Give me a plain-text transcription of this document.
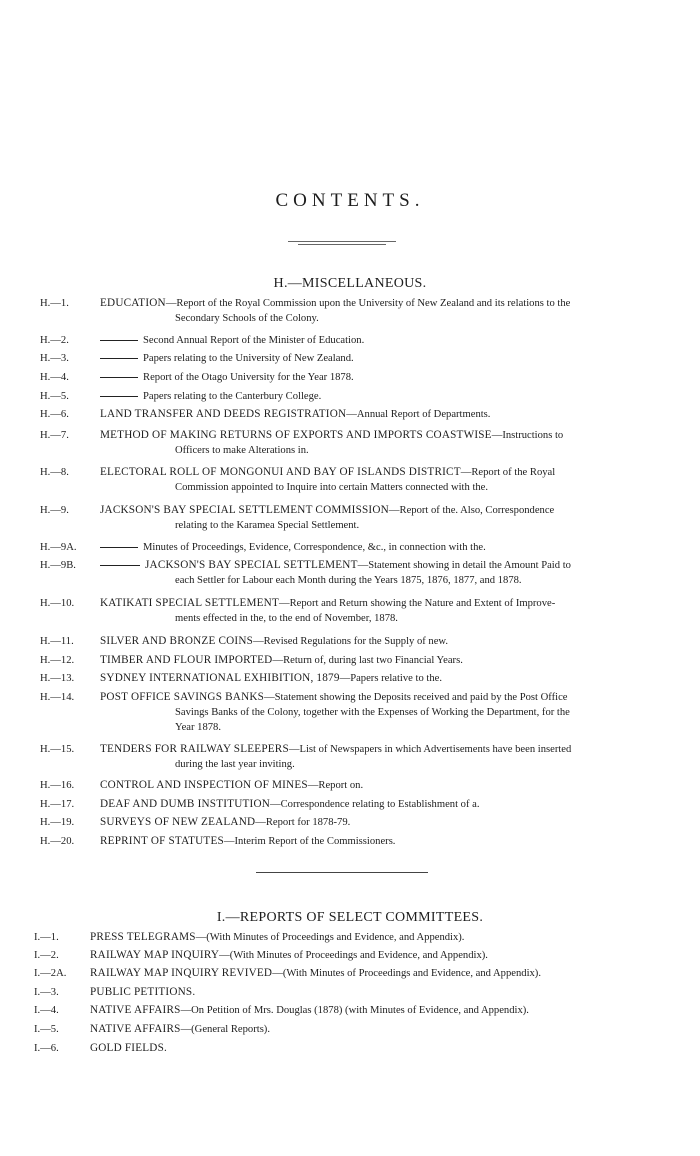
CONTENTS.
H.—MISCELLANEOUS.
H.—1.	EDUCATION—Report of the Royal Commission upon the University of New Zealand and its relations to the
Secondary Schools of the Colony.
H.—2.	Second Annual Report of the Minister of Education.
H.—3.	Papers relating to the University of New Zealand.
H.—4.	Report of the Otago University for the Year 1878.
H.—5.	Papers relating to the Canterbury College.
H.—6.	LAND TRANSFER AND DEEDS REGISTRATION—Annual Report of Departments.
H.—7.	METHOD OF MAKING RETURNS OF EXPORTS AND IMPORTS COASTWISE—Instructions to
Officers to make Alterations in.
H.—8.	ELECTORAL ROLL OF MONGONUI AND BAY OF ISLANDS DISTRICT—Report of the Royal
Commission appointed to Inquire into certain Matters connected with the.
H.—9.	JACKSON'S BAY SPECIAL SETTLEMENT COMMISSION—Report of the. Also, Correspondence
relating to the Karamea Special Settlement.
H.—9A.	Minutes of Proceedings, Evidence, Correspondence, &c., in connection with the.
H.—9B.	JACKSON'S BAY SPECIAL SETTLEMENT—Statement showing in detail the Amount Paid to
each Settler for Labour each Month during the Years 1875, 1876, 1877, and 1878.
H.—10. KATIKATI SPECIAL SETTLEMENT—Report and Return showing the Nature and Extent of Improve-
ments effected in the, to the end of November, 1878.
H.—11. SILVER AND BRONZE COINS—Revised Regulations for the Supply of new.
H.—12. TIMBER AND FLOUR IMPORTED—Return of, during last two Financial Years.
H.—13. SYDNEY INTERNATIONAL EXHIBITION, 1879—Papers relative to the.
H.—14. POST OFFICE SAVINGS BANKS—Statement showing the Deposits received and paid by the Post Office
Savings Banks of the Colony, together with the Expenses of Working the Department, for the
Year 1878.
H.—15. TENDERS FOR RAILWAY SLEEPERS—List of Newspapers in which Advertisements have been inserted
during the last year inviting.
H.—16. CONTROL AND INSPECTION OF MINES—Report on.
H.—17. DEAF AND DUMB INSTITUTION—Correspondence relating to Establishment of a.
H.—19. SURVEYS OF NEW ZEALAND—Report for 1878-79.
H.—20. REPRINT OF STATUTES—Interim Report of the Commissioners.
I.—REPORTS OF SELECT COMMITTEES.
I.—1.	PRESS TELEGRAMS—(With Minutes of Proceedings and Evidence, and Appendix).
I.—2.	RAILWAY MAP INQUIRY—(With Minutes of Proceedings and Evidence, and Appendix).
I.—2A. RAILWAY MAP INQUIRY REVIVED—(With Minutes of Proceedings and Evidence, and Appendix).
I.—3.	PUBLIC PETITIONS.
I.—4.	NATIVE AFFAIRS—On Petition of Mrs. Douglas (1878) (with Minutes of Evidence, and Appendix).
I.—5.	NATIVE AFFAIRS—(General Reports).
I.—6.	GOLD FIELDS.
